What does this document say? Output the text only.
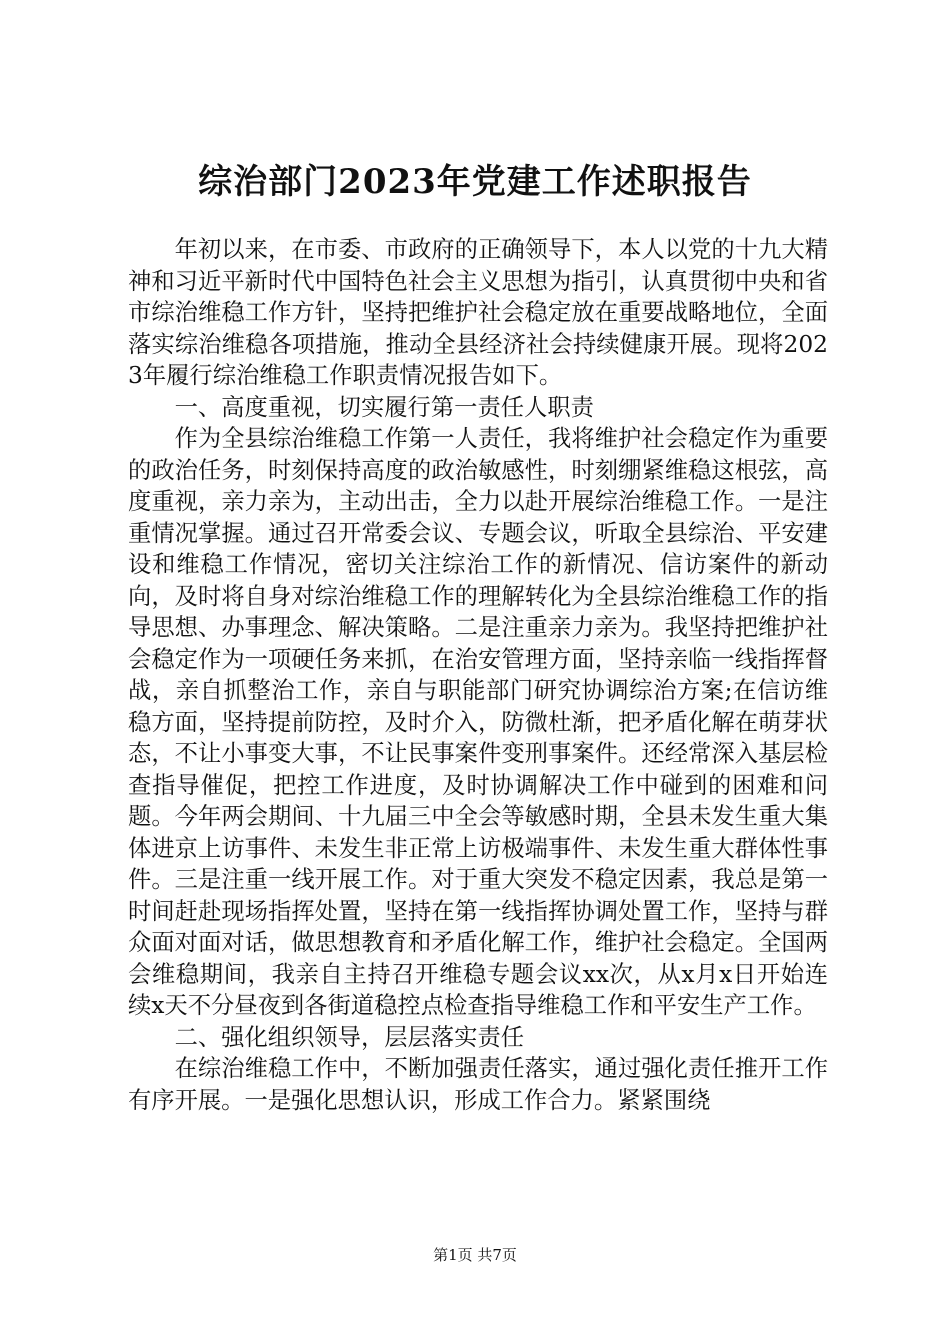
综治部门2023年党建工作述职报告

年初以来，在市委、市政府的正确领导下，本人以党的十九大精神和习近平新时代中国特色社会主义思想为指引，认真贯彻中央和省市综治维稳工作方针，坚持把维护社会稳定放在重要战略地位，全面落实综治维稳各项措施，推动全县经济社会持续健康开展。现将2023年履行综治维稳工作职责情况报告如下。

一、高度重视，切实履行第一责任人职责

作为全县综治维稳工作第一人责任，我将维护社会稳定作为重要的政治任务，时刻保持高度的政治敏感性，时刻绷紧维稳这根弦，高度重视，亲力亲为，主动出击，全力以赴开展综治维稳工作。一是注重情况掌握。通过召开常委会议、专题会议，听取全县综治、平安建设和维稳工作情况，密切关注综治工作的新情况、信访案件的新动向，及时将自身对综治维稳工作的理解转化为全县综治维稳工作的指导思想、办事理念、解决策略。二是注重亲力亲为。我坚持把维护社会稳定作为一项硬任务来抓，在治安管理方面，坚持亲临一线指挥督战，亲自抓整治工作，亲自与职能部门研究协调综治方案;在信访维稳方面，坚持提前防控，及时介入，防微杜渐，把矛盾化解在萌芽状态，不让小事变大事，不让民事案件变刑事案件。还经常深入基层检查指导催促，把控工作进度，及时协调解决工作中碰到的困难和问题。今年两会期间、十九届三中全会等敏感时期，全县未发生重大集体进京上访事件、未发生非正常上访极端事件、未发生重大群体性事件。三是注重一线开展工作。对于重大突发不稳定因素，我总是第一时间赶赴现场指挥处置，坚持在第一线指挥协调处置工作，坚持与群众面对面对话，做思想教育和矛盾化解工作，维护社会稳定。全国两会维稳期间，我亲自主持召开维稳专题会议xx次，从x月x日开始连续x天不分昼夜到各街道稳控点检查指导维稳工作和平安生产工作。

二、强化组织领导，层层落实责任

在综治维稳工作中，不断加强责任落实，通过强化责任推开工作有序开展。一是强化思想认识，形成工作合力。紧紧围绕

第1页 共7页
